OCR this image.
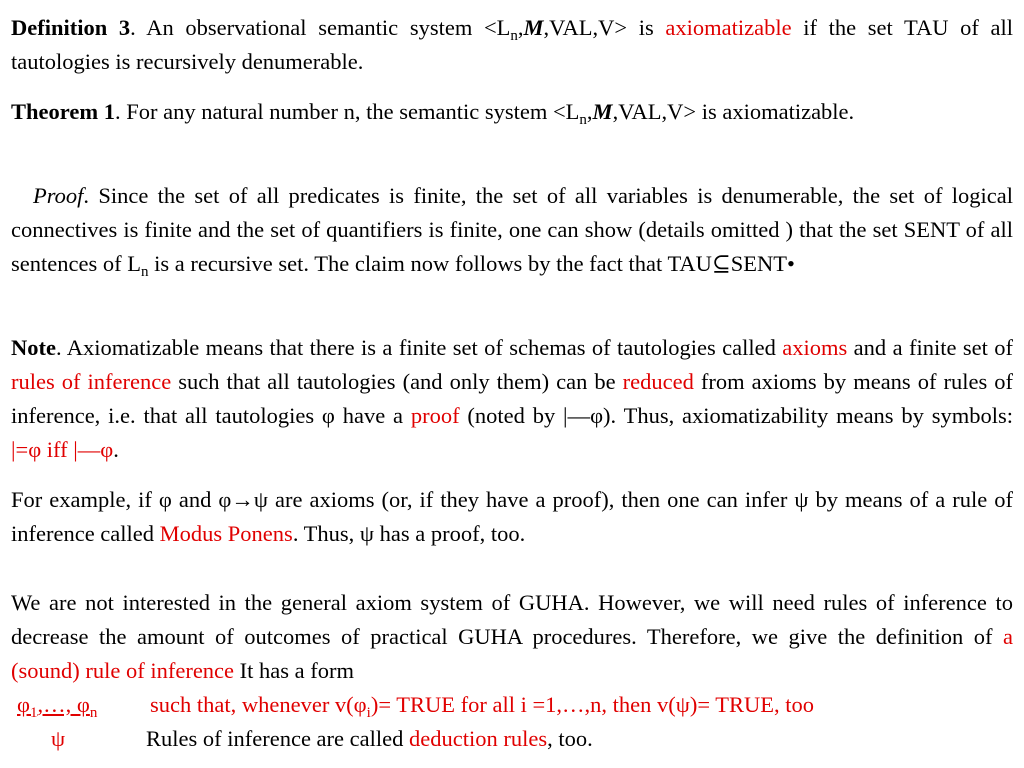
Definition 3. An observational semantic system $<L_n,M,VAL,V>$ is axiomatizable if the set TAU of all tautologies is recursively denumerable.
Theorem 1. For any natural number n, the semantic system $<L_n,M,VAL,V>$ is axiomatizable.
Proof. Since the set of all predicates is finite, the set of all variables is denumerable, the set of logical connectives is finite and the set of quantifiers is finite, one can show (details omitted ) that the set SENT of all sentences of $L_n$ is a recursive set. The claim now follows by the fact that TAU⊆SENT•
Note. Axiomatizable means that there is a finite set of schemas of tautologies called axioms and a finite set of rules of inference such that all tautologies (and only them) can be reduced from axioms by means of rules of inference, i.e. that all tautologies φ have a proof (noted by |—φ). Thus, axiomatizability means by symbols: |=φ iff |—φ.
For example, if φ and φ→ψ are axioms (or, if they have a proof), then one can infer ψ by means of a rule of inference called Modus Ponens. Thus, ψ has a proof, too.
We are not interested in the general axiom system of GUHA. However, we will need rules of inference to decrease the amount of outcomes of practical GUHA procedures. Therefore, we give the definition of a (sound) rule of inference It has a form
$\varphi_1,\dots$, $\varphi_n$ such that, whenever $v(\varphi_i)=$ TRUE for all i =1,…,n, then v(ψ)= TRUE, too
ψ	Rules of inference are called deduction rules, too.
